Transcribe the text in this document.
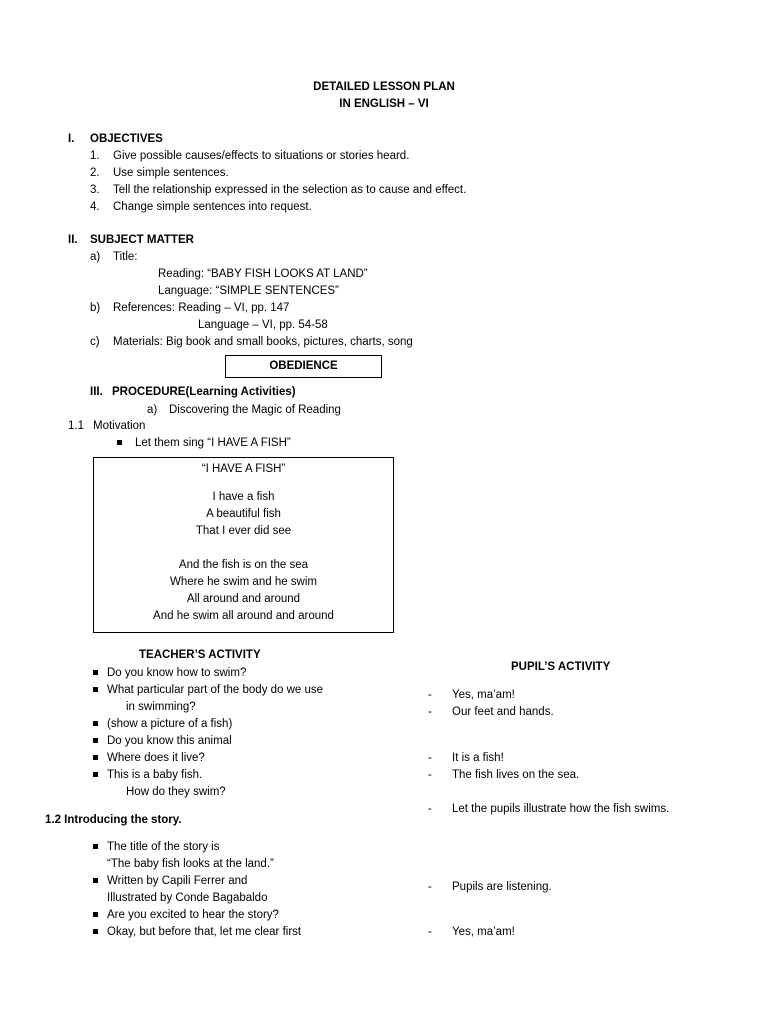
DETAILED LESSON PLAN
IN ENGLISH – VI
I. OBJECTIVES
1. Give possible causes/effects to situations or stories heard.
2. Use simple sentences.
3. Tell the relationship expressed in the selection as to cause and effect.
4. Change simple sentences into request.
II. SUBJECT MATTER
a) Title:
Reading: “BABY FISH LOOKS AT LAND”
Language: “SIMPLE SENTENCES”
b) References: Reading – VI, pp. 147
Language – VI, pp. 54-58
c) Materials: Big book and small books, pictures, charts, song
OBEDIENCE
III. PROCEDURE(Learning Activities)
a) Discovering the Magic of Reading
1.1 Motivation
Let them sing “I HAVE A FISH”
“I HAVE A FISH”
I have a fish
A beautiful fish
That I ever did see
And the fish is on the sea
Where he swim and he swim
All around and around
And he swim all around and around
TEACHER’S ACTIVITY
PUPIL’S ACTIVITY
Do you know how to swim?
What particular part of the body do we use
in swimming?
(show a picture of a fish)
Do you know this animal
Where does it live?
This is a baby fish.
How do they swim?
- Yes, ma’am!
- Our feet and hands.
- It is a fish!
- The fish lives on the sea.
- Let the pupils illustrate how the fish swims.
- Pupils are listening.
- Yes, ma’am!
1.2 Introducing the story.
The title of the story is
“The baby fish looks at the land.”
Written by Capili Ferrer and
Illustrated by Conde Bagabaldo
Are you excited to hear the story?
Okay, but before that, let me clear first
